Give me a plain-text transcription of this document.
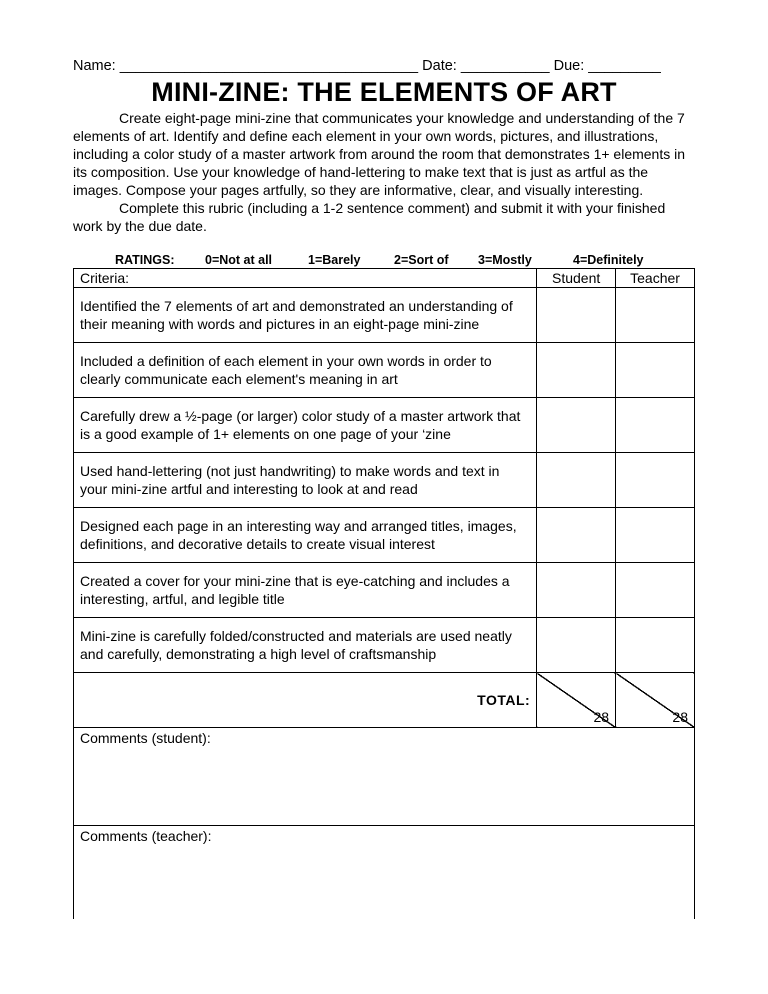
Name: _____________________________________ Date: ___________ Due: _________
MINI-ZINE: THE ELEMENTS OF ART

Create eight-page mini-zine that communicates your knowledge and understanding of the 7 elements of art. Identify and define each element in your own words, pictures, and illustrations, including a color study of a master artwork from around the room that demonstrates 1+ elements in its composition. Use your knowledge of hand-lettering to make text that is just as artful as the images. Compose your pages artfully, so they are informative, clear, and visually interesting.

Complete this rubric (including a 1-2 sentence comment) and submit it with your finished work by the due date.

RATINGS:	0=Not at all	1=Barely	2=Sort of	3=Mostly	4=Definitely
Criteria:	Student	Teacher
Identified the 7 elements of art and demonstrated an understanding of their meaning with words and pictures in an eight-page mini-zine		
Included a definition of each element in your own words in order to clearly communicate each element's meaning in art		
Carefully drew a ½-page (or larger) color study of a master artwork that is a good example of 1+ elements on one page of your ‘zine		
Used hand-lettering (not just handwriting) to make words and text in your mini-zine artful and interesting to look at and read		
Designed each page in an interesting way and arranged titles, images, definitions, and decorative details to create visual interest		
Created a cover for your mini-zine that is eye-catching and includes a interesting, artful, and legible title		
Mini-zine is carefully folded/constructed and materials are used neatly and carefully, demonstrating a high level of craftsmanship		
TOTAL:	28	28

Comments (student):		
Comments (teacher):		
